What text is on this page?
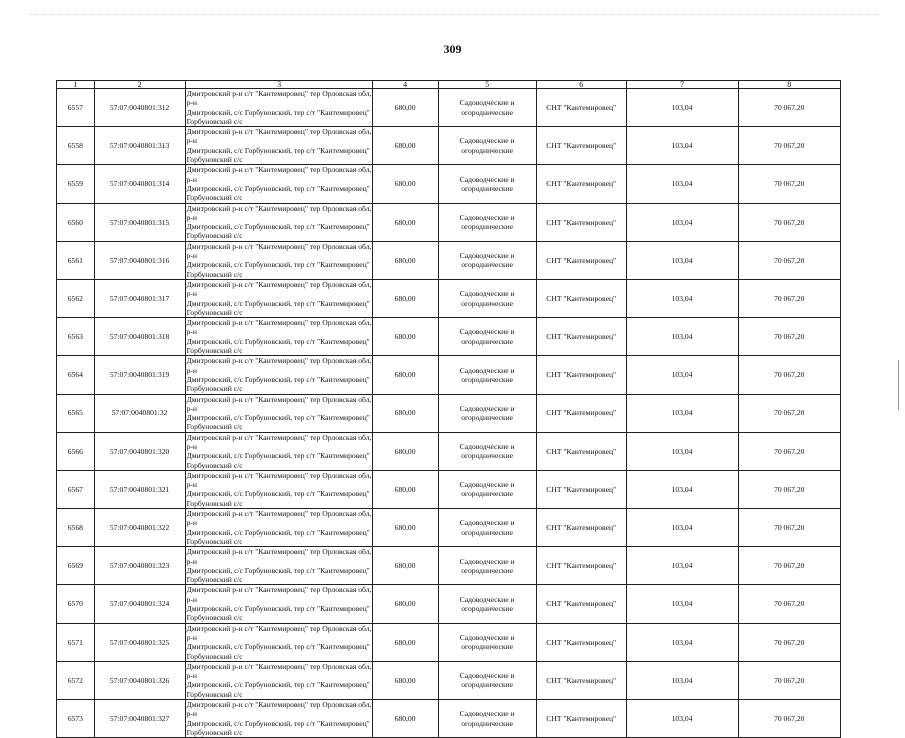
309
1	2	3	4	5	6	7	8
6557	57:07:0040801:312	Дмитровский р-н с/т "Кантемировец" тер Орловская обл, р-н
Дмитровский, с/с Горбуновский, тер с/т "Кантемировец"
Горбуновский с/с	680,00	Садоводческие и огороднические	СНТ "Кантемировец"	103,04	70 067,20
6558	57:07:0040801:313	Дмитровский р-н с/т "Кантемировец" тер Орловская обл, р-н
Дмитровский, с/с Горбуновский, тер с/т "Кантемировец"
Горбуновский с/с	680,00	Садоводческие и огороднические	СНТ "Кантемировец"	103,04	70 067,20
6559	57:07:0040801:314	Дмитровский р-н с/т "Кантемировец" тер Орловская обл, р-н
Дмитровский, с/с Горбуновский, тер с/т "Кантемировец"
Горбуновский с/с	680,00	Садоводческие и огороднические	СНТ "Кантемировец"	103,04	70 067,20
6560	57:07:0040801:315	Дмитровский р-н с/т "Кантемировец" тер Орловская обл, р-н
Дмитровский, с/с Горбуновский, тер с/т "Кантемировец"
Горбуновский с/с	680,00	Садоводческие и огороднические	СНТ "Кантемировец"	103,04	70 067,20
6561	57:07:0040801:316	Дмитровский р-н с/т "Кантемировец" тер Орловская обл, р-н
Дмитровский, с/с Горбуновский, тер с/т "Кантемировец"
Горбуновский с/с	680,00	Садоводческие и огороднические	СНТ "Кантемировец"	103,04	70 067,20
6562	57:07:0040801:317	Дмитровский р-н с/т "Кантемировец" тер Орловская обл, р-н
Дмитровский, с/с Горбуновский, тер с/т "Кантемировец"
Горбуновский с/с	680,00	Садоводческие и огороднические	СНТ "Кантемировец"	103,04	70 067,20
6563	57:07:0040801:318	Дмитровский р-н с/т "Кантемировец" тер Орловская обл, р-н
Дмитровский, с/с Горбуновский, тер с/т "Кантемировец"
Горбуновский с/с	680,00	Садоводческие и огороднические	СНТ "Кантемировец"	103,04	70 067,20
6564	57:07:0040801:319	Дмитровский р-н с/т "Кантемировец" тер Орловская обл, р-н
Дмитровский, с/с Горбуновский, тер с/т "Кантемировец"
Горбуновский с/с	680,00	Садоводческие и огороднические	СНТ "Кантемировец"	103,04	70 067,20
6565	57:07:0040801:32	Дмитровский р-н с/т "Кантемировец" тер Орловская обл, р-н
Дмитровский, с/с Горбуновский, тер с/т "Кантемировец"
Горбуновский с/с	680,00	Садоводческие и огороднические	СНТ "Кантемировец"	103,04	70 067,20
6566	57:07:0040801:320	Дмитровский р-н с/т "Кантемировец" тер Орловская обл, р-н
Дмитровский, с/с Горбуновский, тер с/т "Кантемировец"
Горбуновский с/с	680,00	Садоводческие и огороднические	СНТ "Кантемировец"	103,04	70 067,20
6567	57:07:0040801:321	Дмитровский р-н с/т "Кантемировец" тер Орловская обл, р-н
Дмитровский, с/с Горбуновский, тер с/т "Кантемировец"
Горбуновский с/с	680,00	Садоводческие и огороднические	СНТ "Кантемировец"	103,04	70 067,20
6568	57:07:0040801:322	Дмитровский р-н с/т "Кантемировец" тер Орловская обл, р-н
Дмитровский, с/с Горбуновский, тер с/т "Кантемировец"
Горбуновский с/с	680,00	Садоводческие и огороднические	СНТ "Кантемировец"	103,04	70 067,20
6569	57:07:0040801:323	Дмитровский р-н с/т "Кантемировец" тер Орловская обл, р-н
Дмитровский, с/с Горбуновский, тер с/т "Кантемировец"
Горбуновский с/с	680,00	Садоводческие и огороднические	СНТ "Кантемировец"	103,04	70 067,20
6570	57:07:0040801:324	Дмитровский р-н с/т "Кантемировец" тер Орловская обл, р-н
Дмитровский, с/с Горбуновский, тер с/т "Кантемировец"
Горбуновский с/с	680,00	Садоводческие и огороднические	СНТ "Кантемировец"	103,04	70 067,20
6571	57:07:0040801:325	Дмитровский р-н с/т "Кантемировец" тер Орловская обл, р-н
Дмитровский, с/с Горбуновский, тер с/т "Кантемировец"
Горбуновский с/с	680,00	Садоводческие и огороднические	СНТ "Кантемировец"	103,04	70 067,20
6572	57:07:0040801:326	Дмитровский р-н с/т "Кантемировец" тер Орловская обл, р-н
Дмитровский, с/с Горбуновский, тер с/т "Кантемировец"
Горбуновский с/с	680,00	Садоводческие и огороднические	СНТ "Кантемировец"	103,04	70 067,20
6573	57:07:0040801:327	Дмитровский р-н с/т "Кантемировец" тер Орловская обл, р-н
Дмитровский, с/с Горбуновский, тер с/т "Кантемировец"
Горбуновский с/с	680,00	Садоводческие и огороднические	СНТ "Кантемировец"	103,04	70 067,20
